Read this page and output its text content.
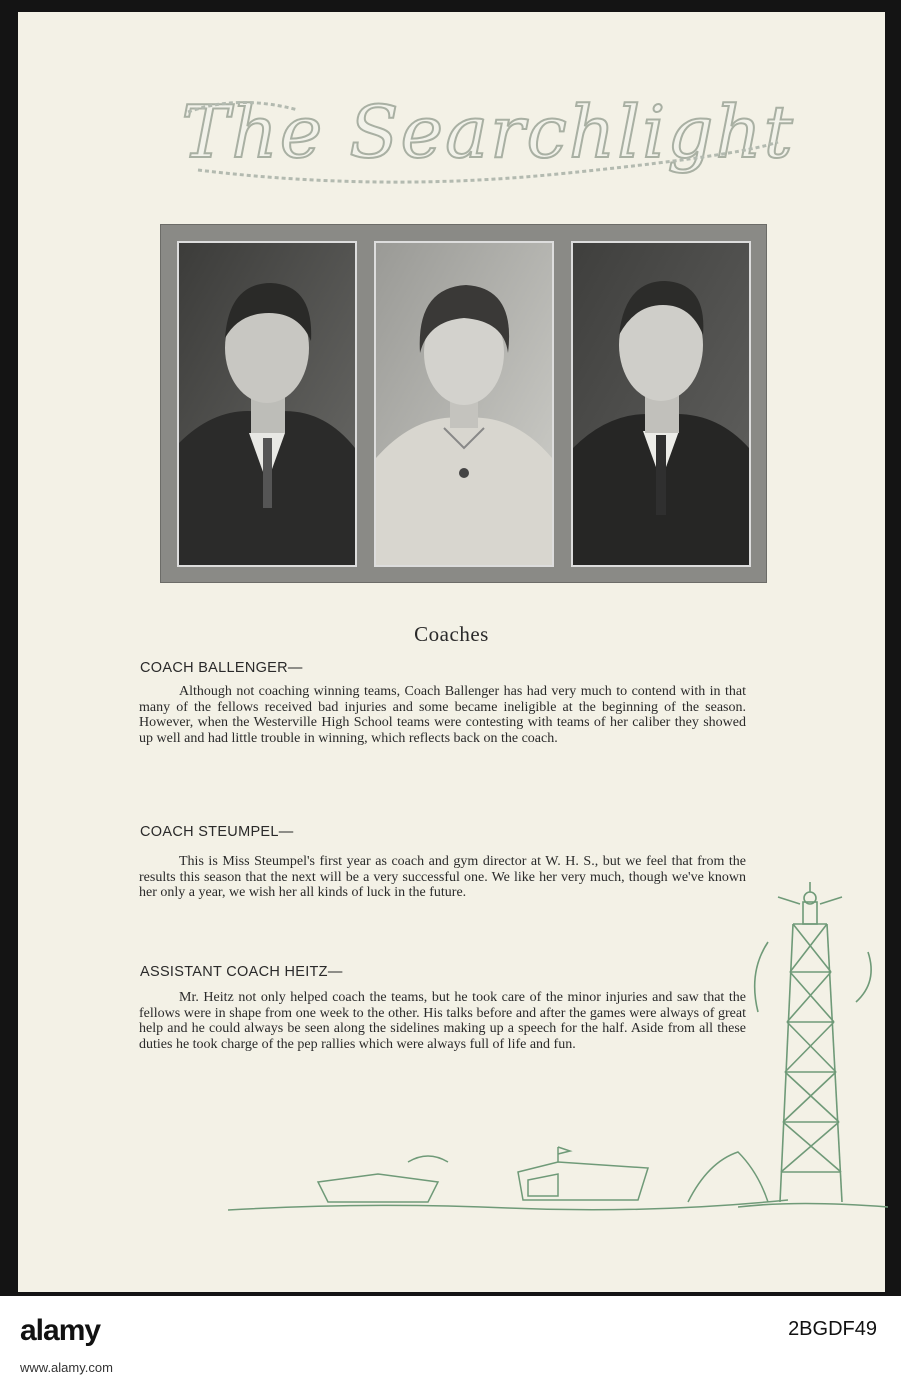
The Searchlight
Coaches
COACH BALLENGER—
Although not coaching winning teams, Coach Ballenger has had very much to contend with in that many of the fellows received bad injuries and some became ineligible at the beginning of the season. However, when the Westerville High School teams were contesting with teams of her caliber they showed up well and had little trouble in winning, which reflects back on the coach.
COACH STEUMPEL—
This is Miss Steumpel's first year as coach and gym director at W. H. S., but we feel that from the results this season that the next will be a very successful one. We like her very much, though we've known her only a year, we wish her all kinds of luck in the future.
ASSISTANT COACH HEITZ—
Mr. Heitz not only helped coach the teams, but he took care of the minor injuries and saw that the fellows were in shape from one week to the other. His talks before and after the games were always of great help and he could always be seen along the sidelines making up a speech for the half. Aside from all these duties he took charge of the pep rallies which were always full of life and fun.
alamy	2BGDF49
www.alamy.com
